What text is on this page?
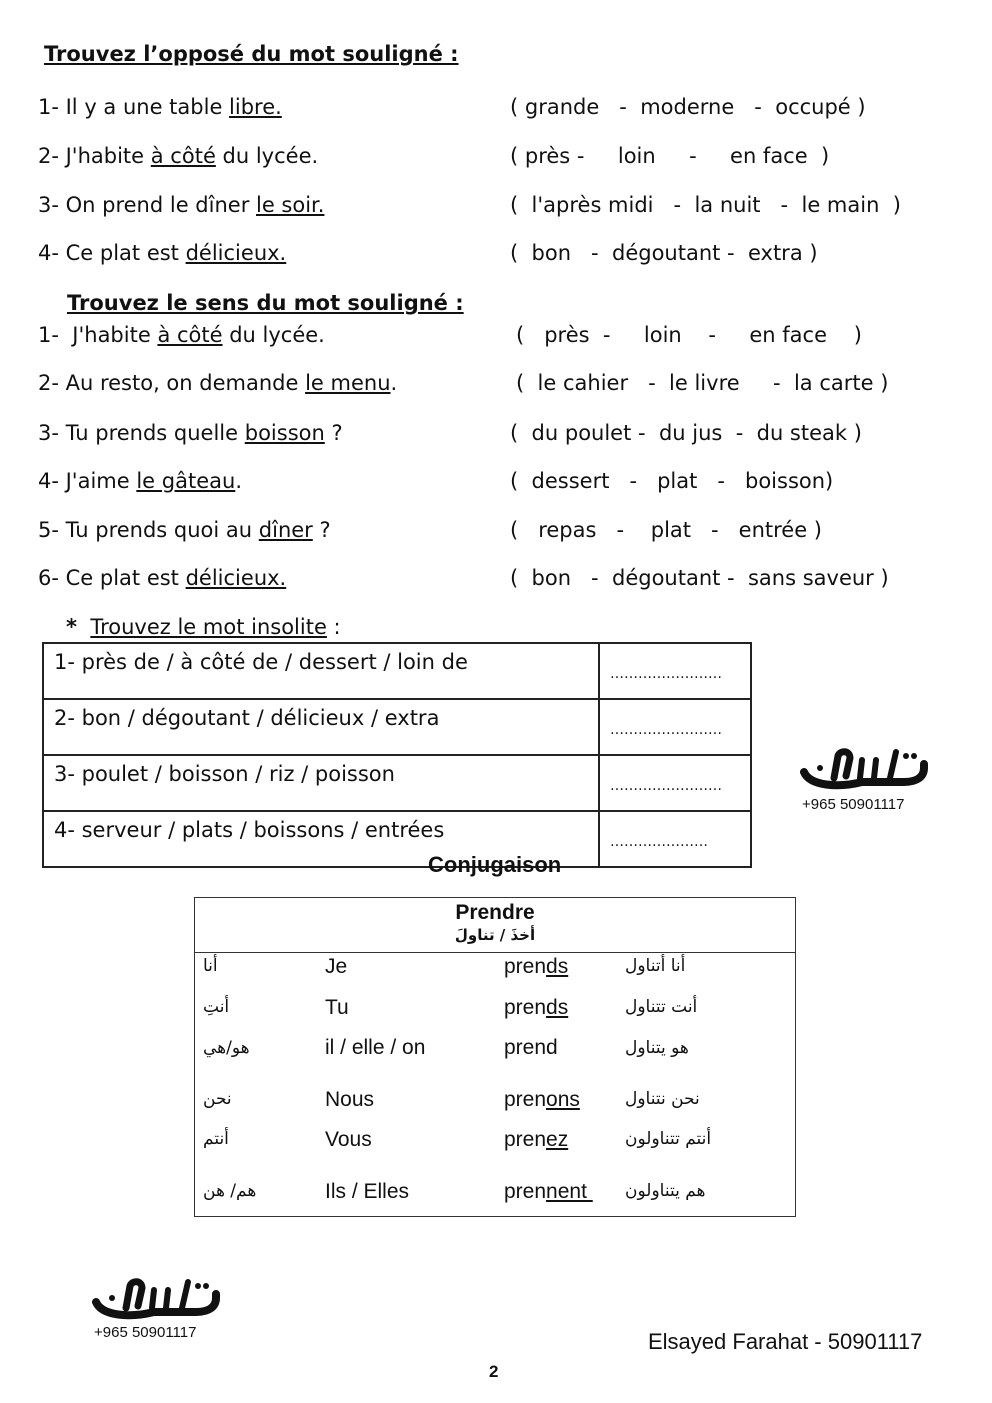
Trouvez l’opposé du mot souligné :
1- Il y a une table libre.	( grande   -  moderne   -  occupé )
2- J'habite à côté du lycée.	( près -     loin     -     en face  )
3- On prend le dîner le soir.	(  l'après midi   -  la nuit   -  le main  )
4- Ce plat est délicieux.	(  bon   -  dégoutant -  extra )
Trouvez le sens du mot souligné :
1-  J'habite à côté du lycée.	(   près  -     loin    -     en face    )
2- Au resto, on demande le menu.	(  le cahier   -  le livre     -  la carte )
3- Tu prends quelle boisson ?	(  du poulet -  du jus  -  du steak )
4- J'aime le gâteau.	(  dessert   -   plat   -   boisson)
5- Tu prends quoi au dîner ?	(   repas   -    plat   -   entrée )
6- Ce plat est délicieux.	(  bon   -  dégoutant -  sans saveur )
* Trouvez le mot insolite :
1- près de / à côté de / dessert / loin de	……………………
2- bon / dégoutant / délicieux / extra	……………………
3- poulet / boisson / riz / poisson	……………………
4- serveur / plats / boissons / entrées	…………………
+965 50901117
Conjugaison
Prendre
أخذَ / تناولَ
أنا	Je	prends	أنا أتناول
أنتِ	Tu	prends	أنت تتناول
هو/هي	il / elle / on	prend	هو يتناول
نحن	Nous	prenons	نحن نتناول
أنتم	Vous	prenez	أنتم تتناولون
هم/ هن	Ils / Elles	prennent هم يتناولون
+965 50901117	Elsayed Farahat - 50901117
2
